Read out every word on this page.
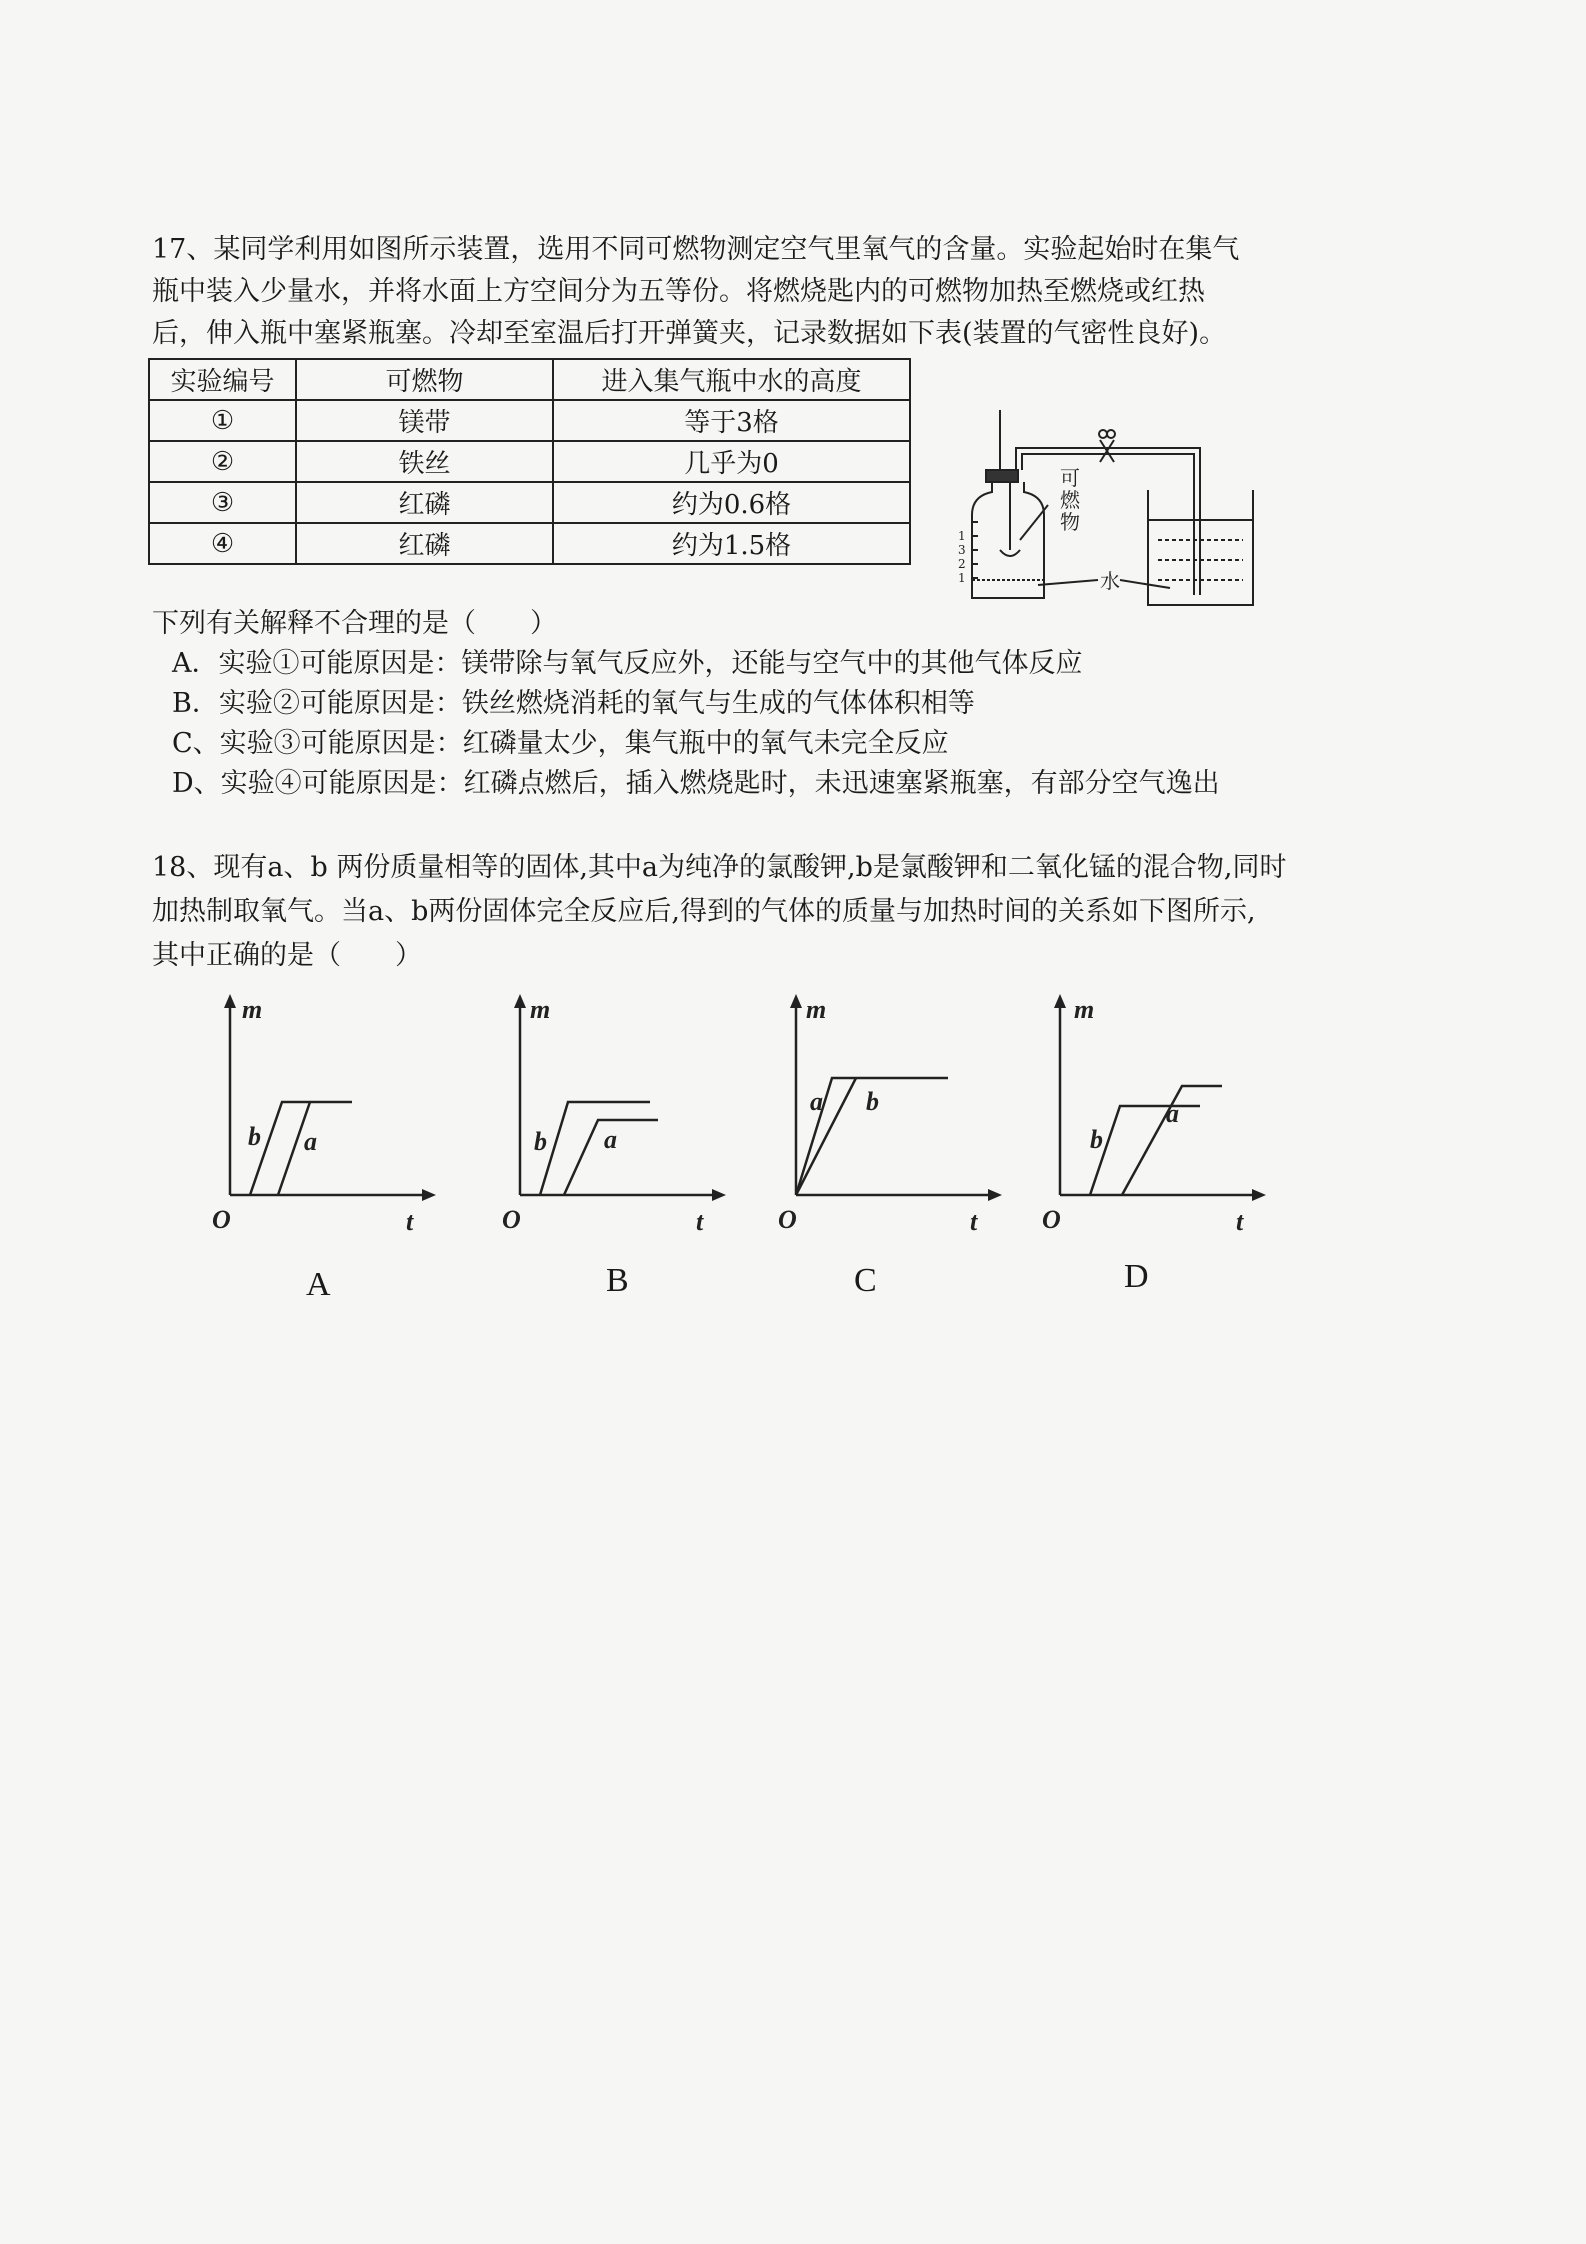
17、某同学利用如图所示装置，选用不同可燃物测定空气里氧气的含量。实验起始时在集气
瓶中装入少量水，并将水面上方空间分为五等份。将燃烧匙内的可燃物加热至燃烧或红热
后，伸入瓶中塞紧瓶塞。冷却至室温后打开弹簧夹，记录数据如下表(装置的气密性良好)。
实验编号	可燃物	进入集气瓶中水的高度
①	镁带	等于3格
②	铁丝	几乎为0
③	红磷	约为0.6格
④	红磷	约为1.5格
可燃物
水
1
3
2
1
下列有关解释不合理的是（　　）
A．实验①可能原因是：镁带除与氧气反应外，还能与空气中的其他气体反应
B．实验②可能原因是：铁丝燃烧消耗的氧气与生成的气体体积相等
C、实验③可能原因是：红磷量太少，集气瓶中的氧气未完全反应
D、实验④可能原因是：红磷点燃后，插入燃烧匙时，未迅速塞紧瓶塞，有部分空气逸出
18、现有a、b 两份质量相等的固体,其中a为纯净的氯酸钾,b是氯酸钾和二氧化锰的混合物,同时
加热制取氧气。当a、b两份固体完全反应后,得到的气体的质量与加热时间的关系如下图所示,
其中正确的是（　　）
m
t
O
b a
A
m
t
O
b a
B
m
t
O
a b
C
m
t
O
b
a
D
